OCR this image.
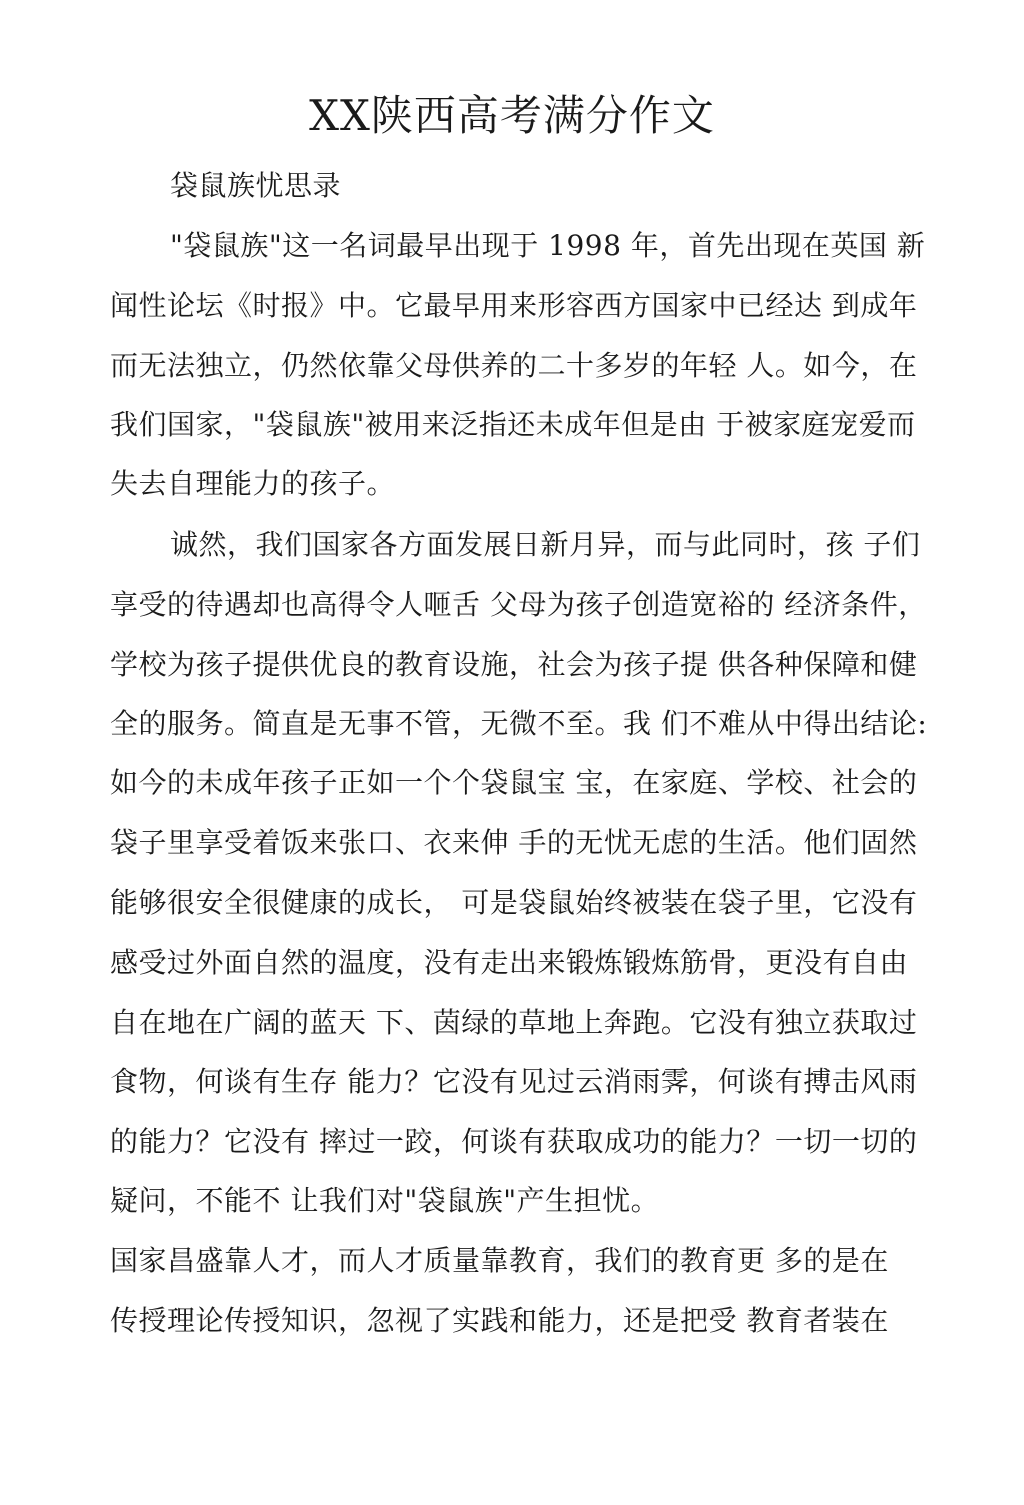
XX陕西高考满分作文
袋鼠族忧思录
"袋鼠族"这一名词最早出现于 1998 年，首先出现在英国 新
闻性论坛《时报》中。它最早用来形容西方国家中已经达 到成年
而无法独立，仍然依靠父母供养的二十多岁的年轻 人。如今，在
我们国家，"袋鼠族"被用来泛指还未成年但是由 于被家庭宠爱而
失去自理能力的孩子。
诚然，我们国家各方面发展日新月异，而与此同时，孩 子们
享受的待遇却也高得令人咂舌 父母为孩子创造宽裕的 经济条件，
学校为孩子提供优良的教育设施，社会为孩子提 供各种保障和健
全的服务。简直是无事不管，无微不至。我 们不难从中得出结论:
如今的未成年孩子正如一个个袋鼠宝 宝，在家庭、学校、社会的
袋子里享受着饭来张口、衣来伸 手的无忧无虑的生活。他们固然
能够很安全很健康的成长， 可是袋鼠始终被装在袋子里，它没有
感受过外面自然的温度，没有走出来锻炼锻炼筋骨，更没有自由
自在地在广阔的蓝天 下、茵绿的草地上奔跑。它没有独立获取过
食物，何谈有生存 能力？它没有见过云消雨霁，何谈有搏击风雨
的能力？它没有 摔过一跤，何谈有获取成功的能力？一切一切的
疑问，不能不 让我们对"袋鼠族"产生担忧。
国家昌盛靠人才，而人才质量靠教育，我们的教育更 多的是在
传授理论传授知识，忽视了实践和能力，还是把受 教育者装在
